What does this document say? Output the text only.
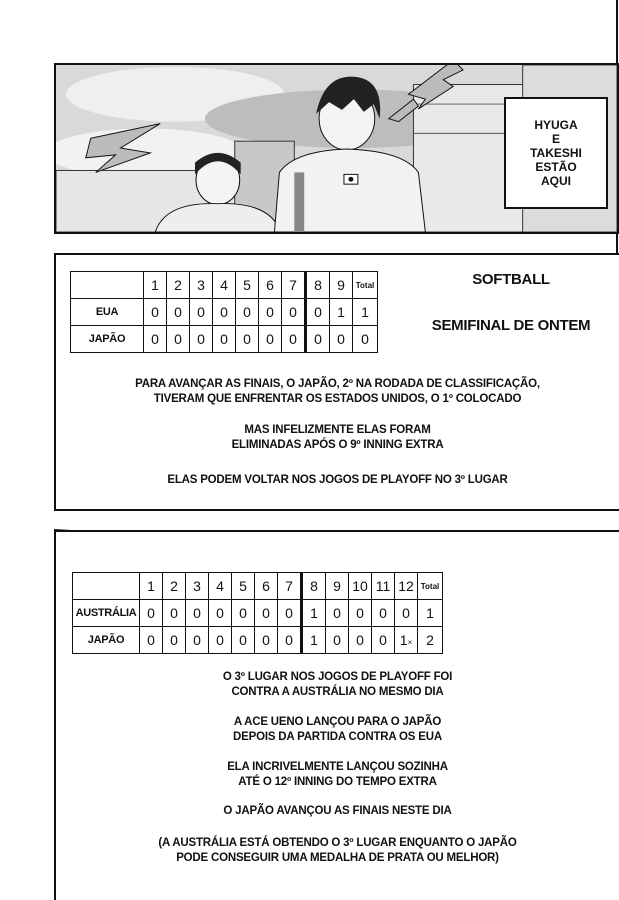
HYUGA
E
TAKESHI
ESTÃO
AQUI
	1	2	3	4	5	6	7	8	9	Total
EUA	0	0	0	0	0	0	0	0	1	1
JAPÃO	0	0	0	0	0	0	0	0	0	0
SOFTBALL
SEMIFINAL DE ONTEM
PARA AVANÇAR AS FINAIS, O JAPÃO, 2º NA RODADA DE CLASSIFICAÇÃO,
TIVERAM QUE ENFRENTAR OS ESTADOS UNIDOS, O 1º COLOCADO
MAS INFELIZMENTE ELAS FORAM
ELIMINADAS APÓS O 9º INNING EXTRA
ELAS PODEM VOLTAR NOS JOGOS DE PLAYOFF NO 3º LUGAR
	1	2	3	4	5	6	7	8	9	10	11	12	Total
AUSTRÁLIA	0	0	0	0	0	0	0	1	0	0	0	0	1
JAPÃO	0	0	0	0	0	0	0	1	0	0	0	1×	2
O 3º LUGAR NOS JOGOS DE PLAYOFF FOI
CONTRA A AUSTRÁLIA NO MESMO DIA
A ACE UENO LANÇOU PARA O JAPÃO
DEPOIS DA PARTIDA CONTRA OS EUA
ELA INCRIVELMENTE LANÇOU SOZINHA
ATÉ O 12º INNING DO TEMPO EXTRA
O JAPÃO AVANÇOU AS FINAIS NESTE DIA
(A AUSTRÁLIA ESTÁ OBTENDO O 3º LUGAR ENQUANTO O JAPÃO
PODE CONSEGUIR UMA MEDALHA DE PRATA OU MELHOR)
